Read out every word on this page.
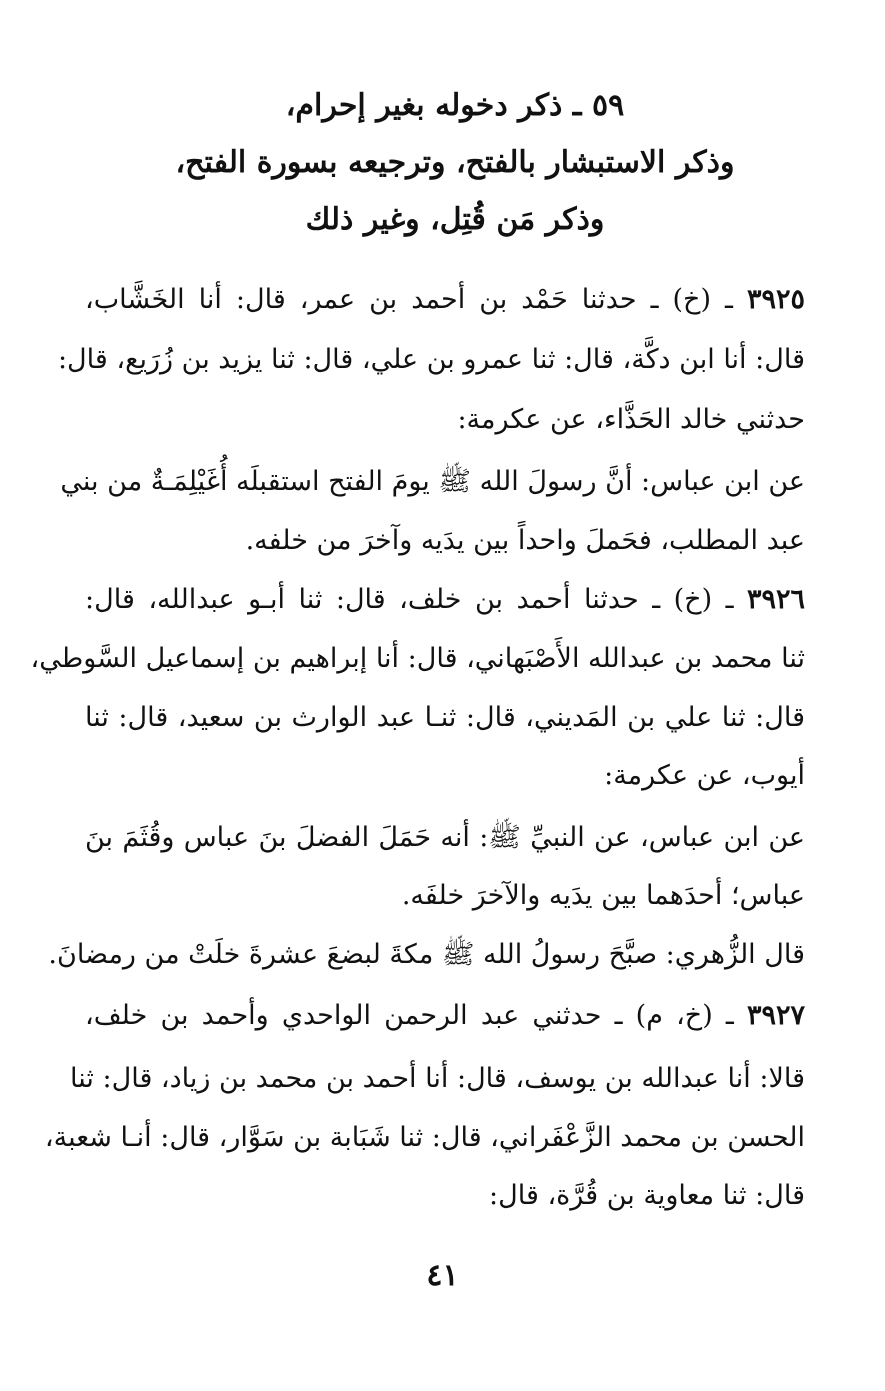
٥٩ ـ ذكر دخوله بغير إحرام،
وذكر الاستبشار بالفتح، وترجيعه بسورة الفتح،
وذكر مَن قُتِل، وغير ذلك
٣٩٢٥ ـ (خ) ـ حدثنا حَمْد بن أحمد بن عمر، قال: أنا الخَشَّاب،
قال: أنا ابن دكَّة، قال: ثنا عمرو بن علي، قال: ثنا يزيد بن زُرَيع، قال:
حدثني خالد الحَذَّاء، عن عكرمة:
عن ابن عباس: أنَّ رسولَ الله ﷺ يومَ الفتح استقبلَه أُغَيْلِمَـةٌ من بني
عبد المطلب، فحَملَ واحداً بين يدَيه وآخرَ من خلفه.
٣٩٢٦ ـ (خ) ـ حدثنا أحمد بن خلف، قال: ثنا أبـو عبدالله، قال:
ثنا محمد بن عبدالله الأَصْبَهاني، قال: أنا إبراهيم بن إسماعيل السَّوطي،
قال: ثنا علي بن المَديني، قال: ثنـا عبد الوارث بن سعيد، قال: ثنا
أيوب، عن عكرمة:
عن ابن عباس، عن النبيِّ ﷺ: أنه حَمَلَ الفضلَ بنَ عباس وقُثَمَ بنَ
عباس؛ أحدَهما بين يدَيه والآخرَ خلفَه.
قال الزُّهري: صبَّحَ رسولُ الله ﷺ مكةَ لبضعَ عشرةَ خلَتْ من رمضانَ.
٣٩٢٧ ـ (خ، م) ـ حدثني عبد الرحمن الواحدي وأحمد بن خلف،
قالا: أنا عبدالله بن يوسف، قال: أنا أحمد بن محمد بن زياد، قال: ثنا
الحسن بن محمد الزَّعْفَراني، قال: ثنا شَبَابة بن سَوَّار، قال: أنـا شعبة،
قال: ثنا معاوية بن قُرَّة، قال:
٤١
